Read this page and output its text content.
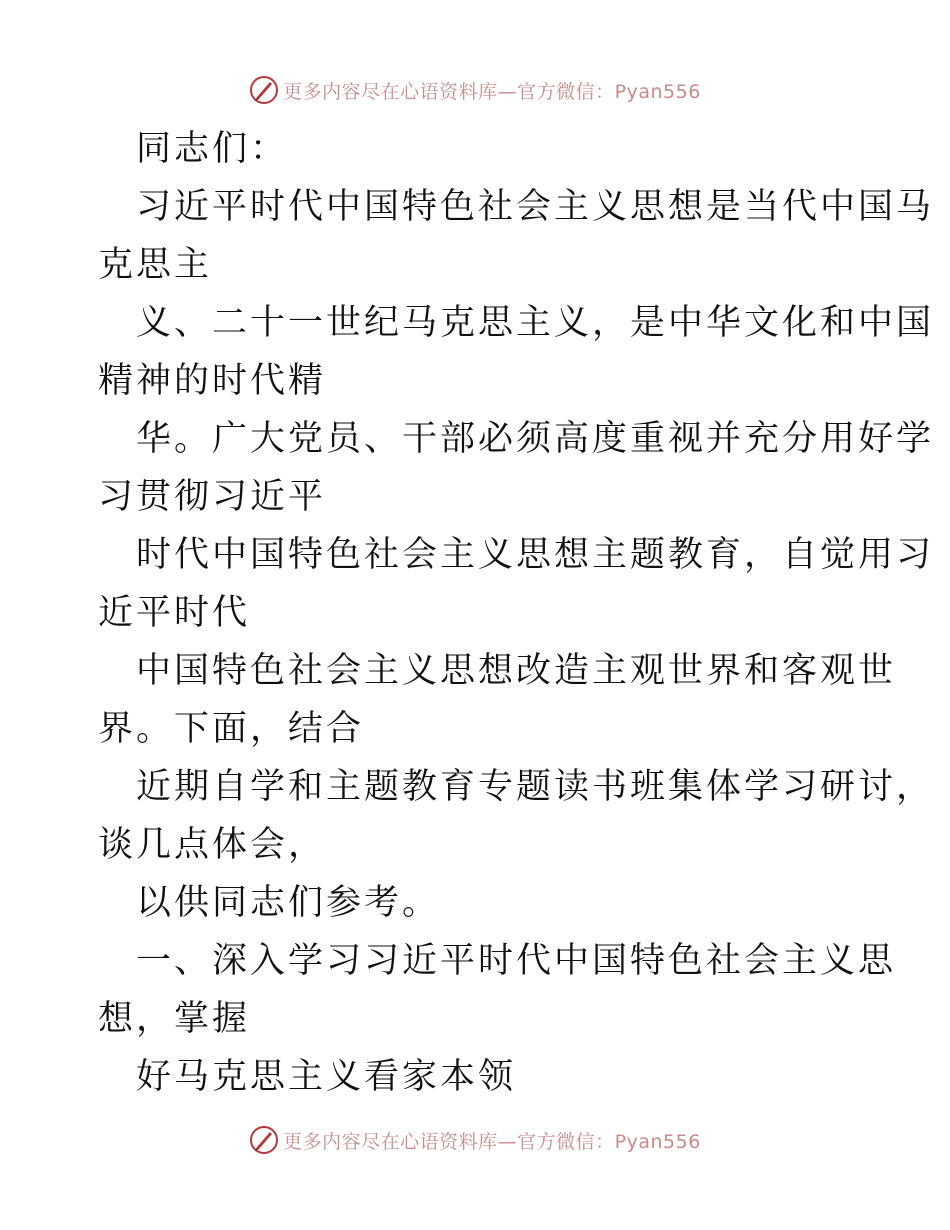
更多内容尽在心语资料库—官方微信：Pyan556
同志们：
习近平时代中国特色社会主义思想是当代中国马
克思主
义、二十一世纪马克思主义，是中华文化和中国
精神的时代精
华。广大党员、干部必须高度重视并充分用好学
习贯彻习近平
时代中国特色社会主义思想主题教育，自觉用习
近平时代
中国特色社会主义思想改造主观世界和客观世
界。下面，结合
近期自学和主题教育专题读书班集体学习研讨，
谈几点体会，
以供同志们参考。
一、深入学习习近平时代中国特色社会主义思
想，掌握
好马克思主义看家本领
更多内容尽在心语资料库—官方微信：Pyan556
